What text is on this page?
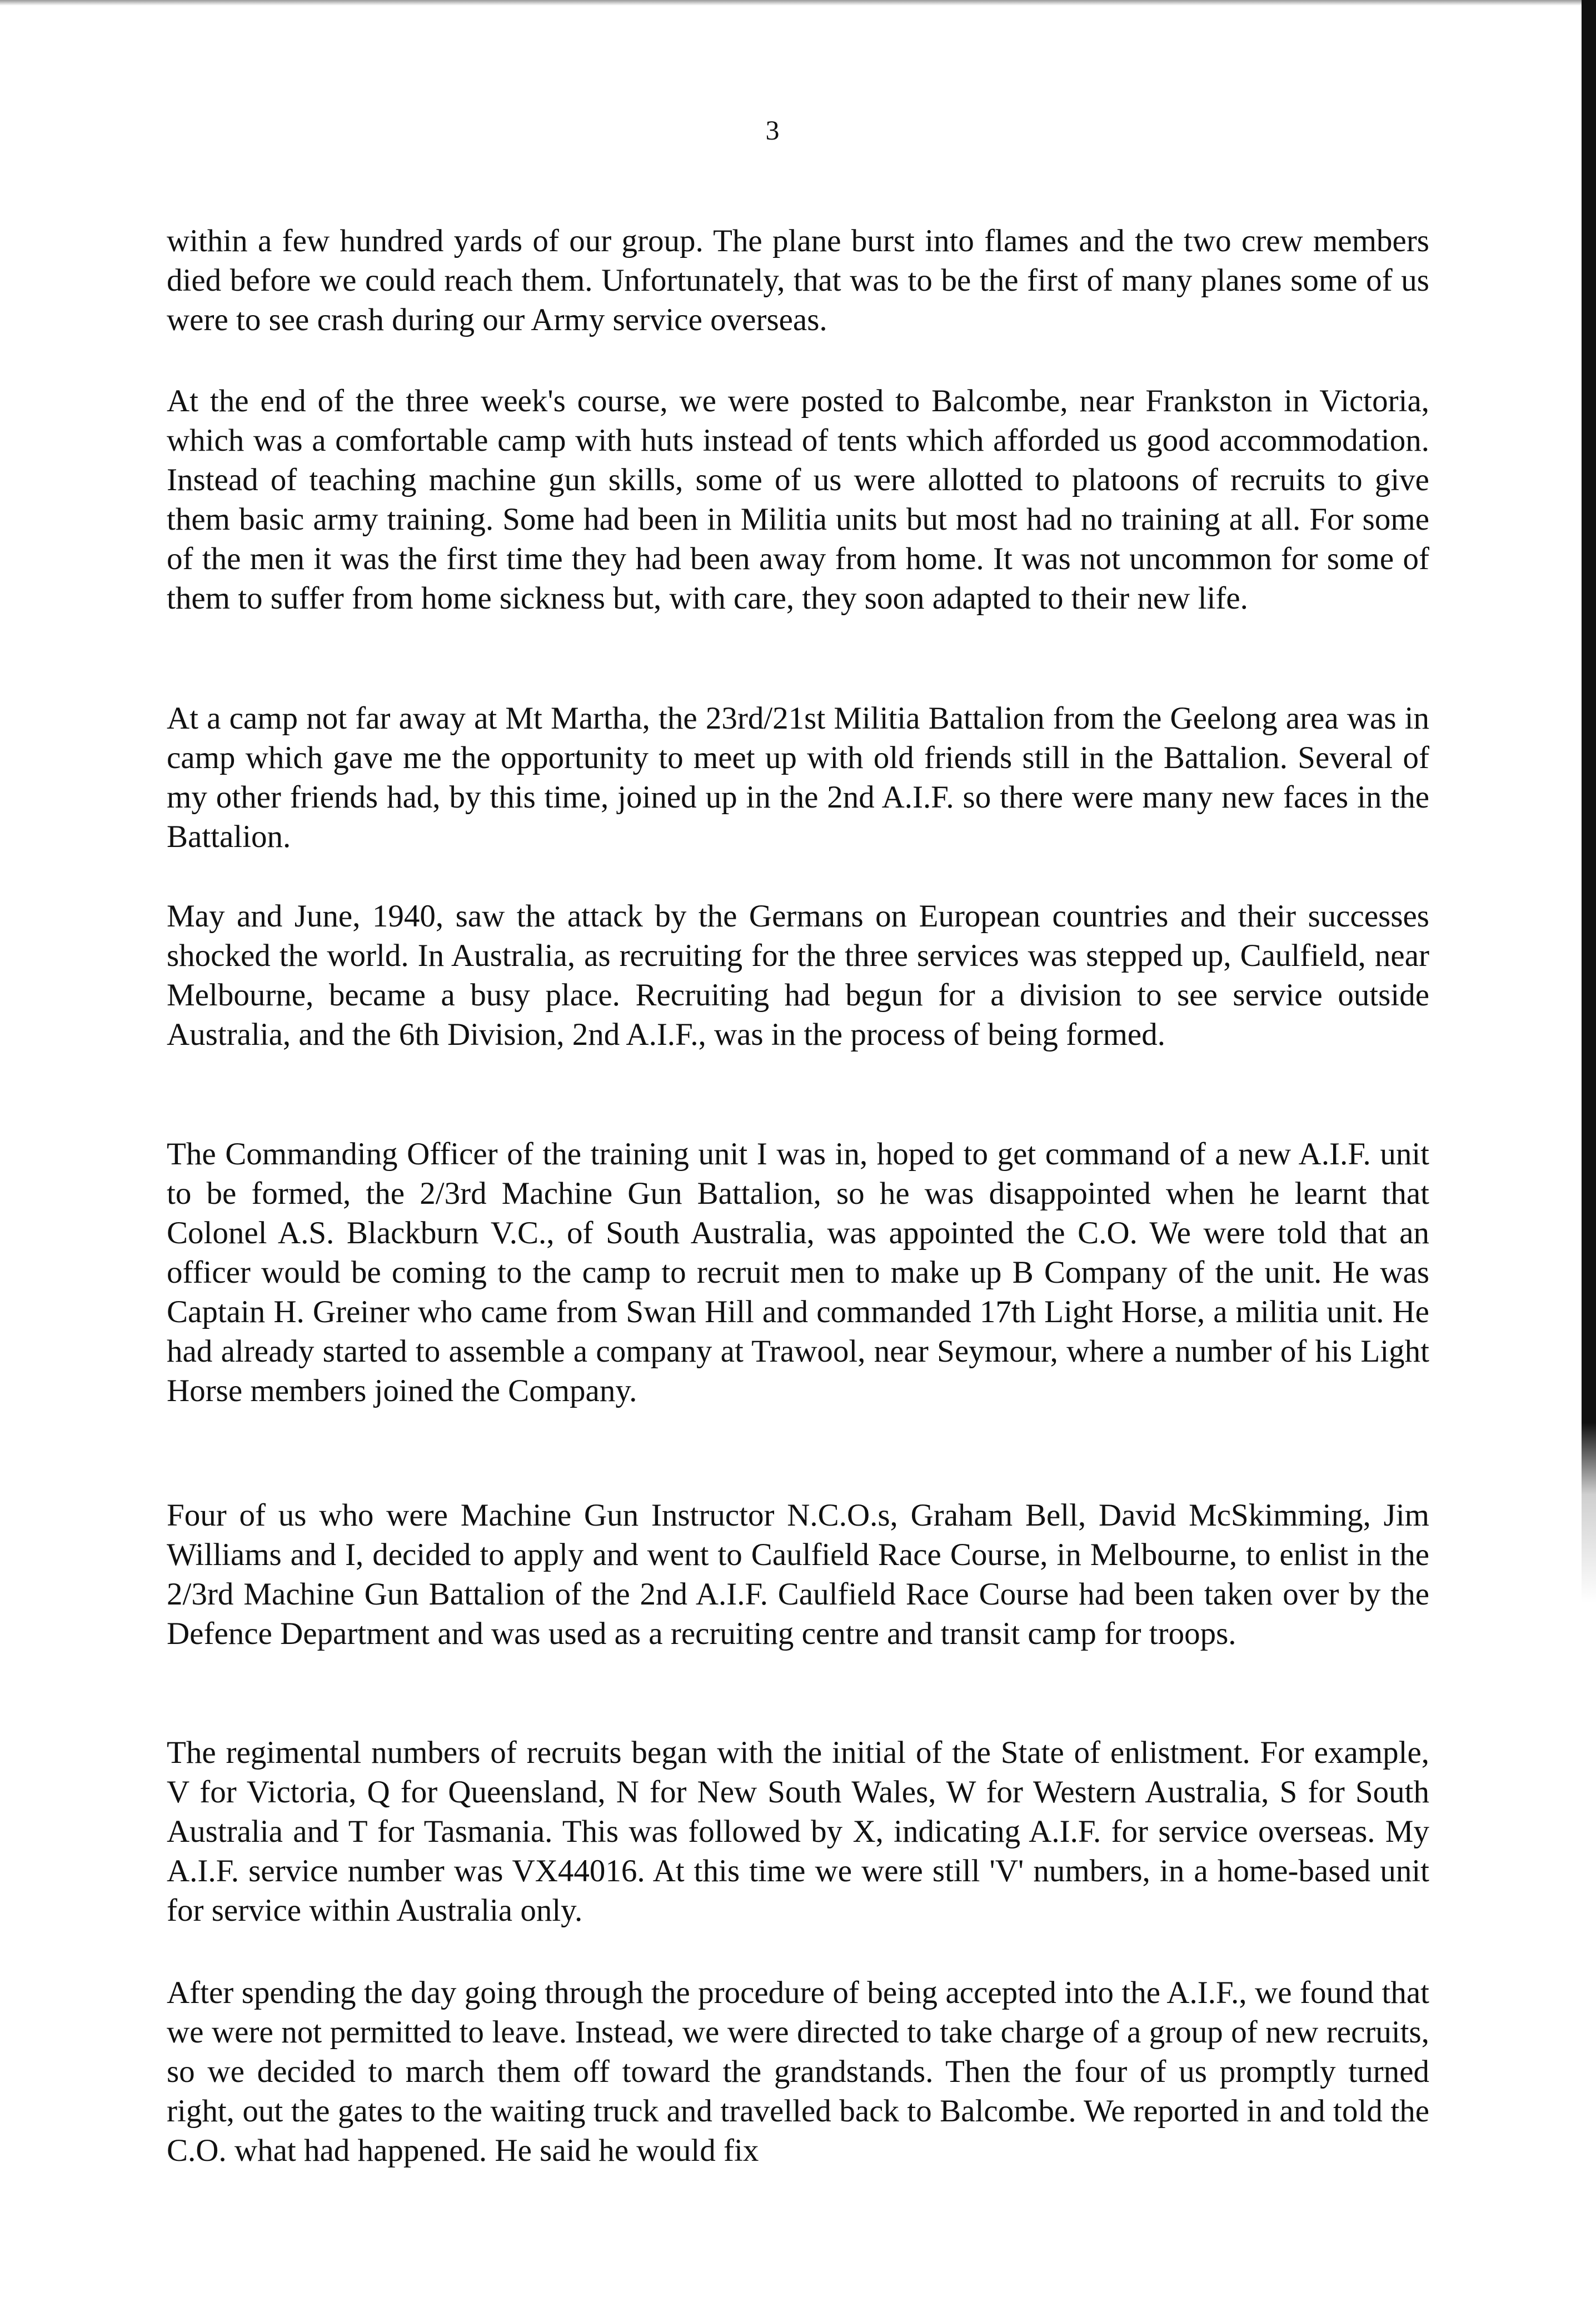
3

within a few hundred yards of our group. The plane burst into flames and the two crew members died before we could reach them. Unfortunately, that was to be the first of many planes some of us were to see crash during our Army service overseas.

At the end of the three week's course, we were posted to Balcombe, near Frankston in Victoria, which was a comfortable camp with huts instead of tents which afforded us good accommodation. Instead of teaching machine gun skills, some of us were allotted to platoons of recruits to give them basic army training. Some had been in Militia units but most had no training at all. For some of the men it was the first time they had been away from home. It was not uncommon for some of them to suffer from home sickness but, with care, they soon adapted to their new life.

At a camp not far away at Mt Martha, the 23rd/21st Militia Battalion from the Geelong area was in camp which gave me the opportunity to meet up with old friends still in the Battalion. Several of my other friends had, by this time, joined up in the 2nd A.I.F. so there were many new faces in the Battalion.

May and June, 1940, saw the attack by the Germans on European countries and their successes shocked the world. In Australia, as recruiting for the three services was stepped up, Caulfield, near Melbourne, became a busy place. Recruiting had begun for a division to see service outside Australia, and the 6th Division, 2nd A.I.F., was in the process of being formed.

The Commanding Officer of the training unit I was in, hoped to get command of a new A.I.F. unit to be formed, the 2/3rd Machine Gun Battalion, so he was disappointed when he learnt that Colonel A.S. Blackburn V.C., of South Australia, was appointed the C.O. We were told that an officer would be coming to the camp to recruit men to make up B Company of the unit. He was Captain H. Greiner who came from Swan Hill and commanded 17th Light Horse, a militia unit. He had already started to assemble a company at Trawool, near Seymour, where a number of his Light Horse members joined the Company.

Four of us who were Machine Gun Instructor N.C.O.s, Graham Bell, David McSkimming, Jim Williams and I, decided to apply and went to Caulfield Race Course, in Melbourne, to enlist in the 2/3rd Machine Gun Battalion of the 2nd A.I.F. Caulfield Race Course had been taken over by the Defence Department and was used as a recruiting centre and transit camp for troops.

The regimental numbers of recruits began with the initial of the State of enlistment. For example, V for Victoria, Q for Queensland, N for New South Wales, W for Western Australia, S for South Australia and T for Tasmania. This was followed by X, indicating A.I.F. for service overseas. My A.I.F. service number was VX44016. At this time we were still 'V' numbers, in a home-based unit for service within Australia only.

After spending the day going through the procedure of being accepted into the A.I.F., we found that we were not permitted to leave. Instead, we were directed to take charge of a group of new recruits, so we decided to march them off toward the grandstands. Then the four of us promptly turned right, out the gates to the waiting truck and travelled back to Balcombe. We reported in and told the C.O. what had happened. He said he would fix
